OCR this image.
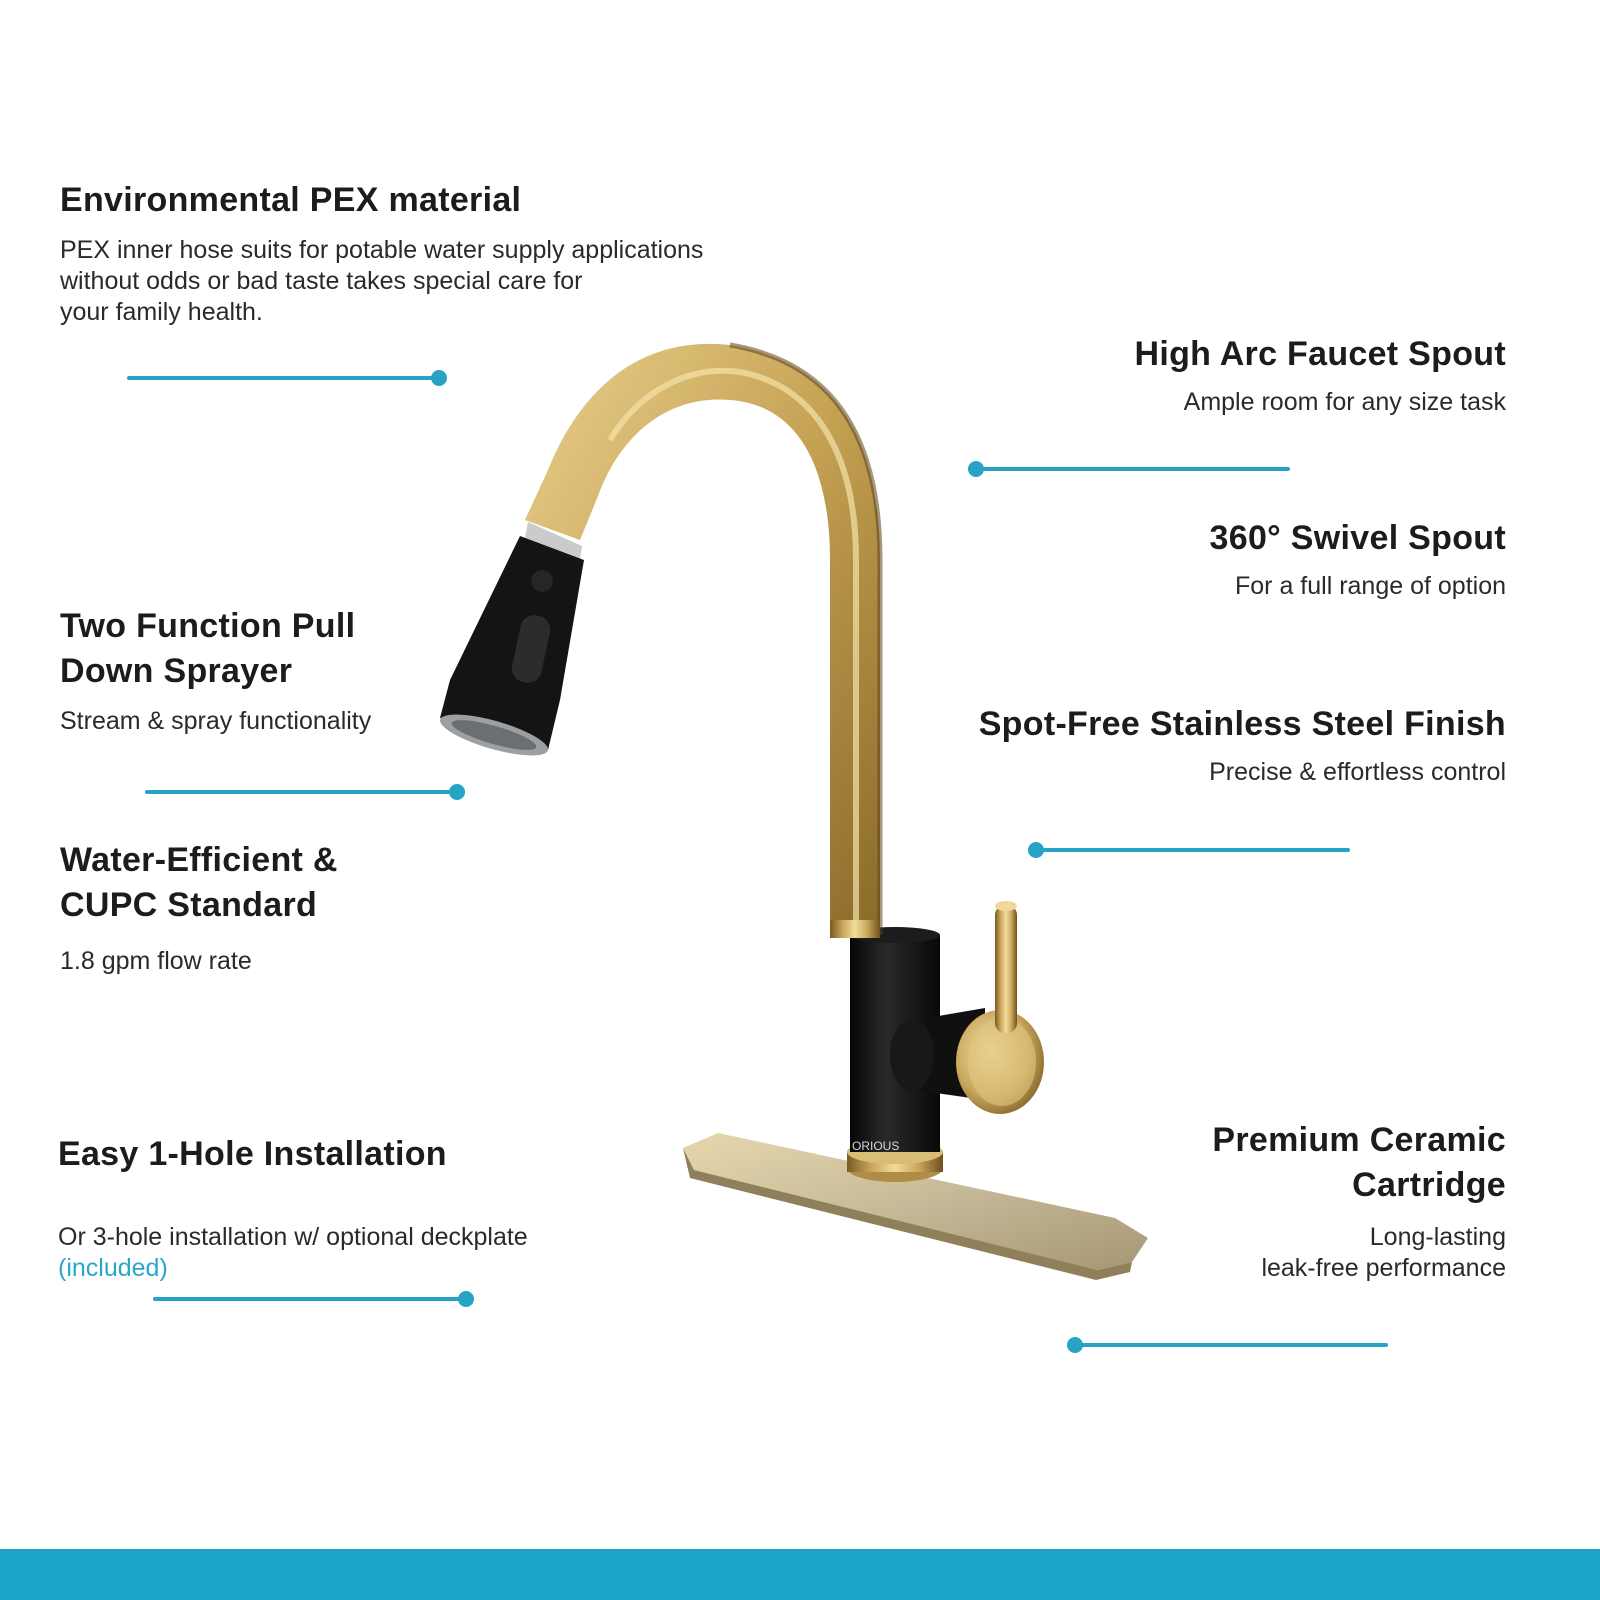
Environmental PEX material
PEX inner hose suits for potable water supply applications
without odds or bad taste takes special care for
your family health.
High Arc Faucet Spout
Ample room for any size task
360° Swivel Spout
For a full range of option
Two Function Pull
Down Sprayer
Stream & spray functionality	Spot-Free Stainless Steel Finish
Precise & effortless control
Water-Efficient &
CUPC Standard
1.8 gpm flow rate
Easy 1-Hole Installation

Or 3-hole installation w/ optional deckplate

(included)

Premium Ceramic
Cartridge
Long-lasting
leak-free performance
ORIOUS
